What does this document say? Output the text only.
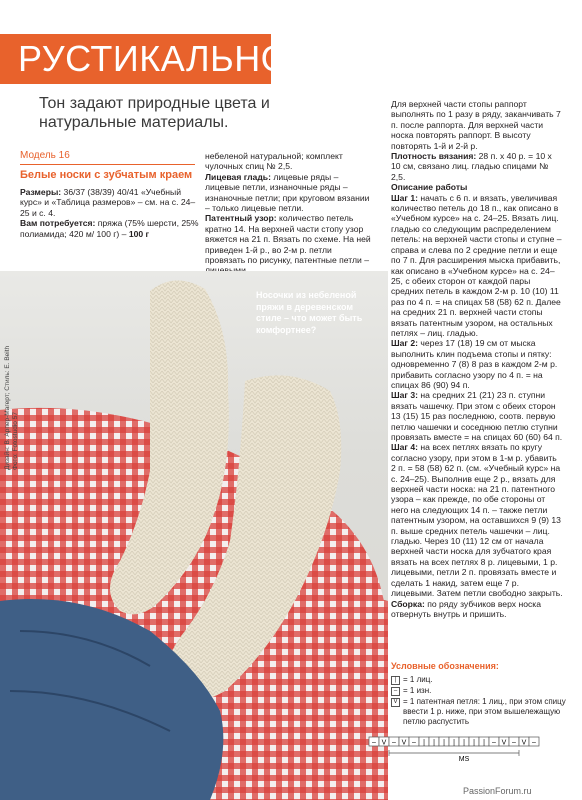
РУСТИКАЛЬНО
Тон задают природные цвета и натуральные материалы.
Модель 16
Белые носки с зубчатым краем

Размеры: 36/37 (38/39) 40/41 «Учебный курс» и «Таблица размеров» – см. на с. 24–25 и с. 4.

Вам потребуется: пряжа (75% шерсти, 25% полиамида; 420 м/ 100 г) – 100 г

небеленой натуральной; комплект чулочных спиц № 2,5.

Лицевая гладь: лицевые ряды – лицевые петли, изнаночные ряды – изнаночные петли; при круговом вязании – только лицевые петли.

Патентный узор: количество петель кратно 14. На верхней части стопу узор вяжется на 21 п. Вязать по схеме. На ней приведен 1-й р., во 2-м р. петли провязать по рисунку, патентные петли –

Для верхней части стопы раппорт выполнять по 1 разу в ряду, заканчивать 7 п. после раппорта. Для верхней части носка повторять раппорт. В высоту повторять 1-й и 2-й р.

Плотность вязания: 28 п. х 40 р. = 10 х 10 см, связано лиц. гладью спицами № 2,5.

Описание работы

Шаг 1: начать с 6 п. и вязать, увеличивая количество петель до 18 п., как описано в «Учебном курсе» на с. 24–25. Вязать лиц. гладью со следующим распределением петель: на верхней части стопы и ступне – справа и слева по 2 средние петли и еще по 7 п. Для расширения мыска прибавить, как описано в «Учебном курсе» на с. 24–25, с обеих сторон от каждой пары средних петель в каждом 2-м р. 10 (10) 11 раз по 4 п. = на спицах 58 (58) 62 п. Далее на средних 21 п. верхней части стопы вязать патентным узором, на остальных петлях – лиц. гладью.

Шаг 2: через 17 (18) 19 см от мыска выполнить клин подъема стопы и пятку: одновременно 7 (8) 8 раз в каждом 2-м р. прибавить согласно узору по 4 п. = на спицах 86 (90) 94 п.

Шаг 3: на средних 21 (21) 23 п. ступни вязать чашечку. При этом с обеих сторон 13 (15) 15 раз последнюю, соотв. первую петлю чашечки и соседнюю петлю ступни провязать вместе = на спицах 60 (60) 64 п.

Шаг 4: на всех петлях вязать по кругу согласно узору, при этом в 1-м р. убавить 2 п. = 58 (58) 62 п. (см. «Учебный курс» на с. 24–25). Выполнив еще 2 р., вязать для верхней части носка: на 21 п. патентного узора – как прежде, по обе стороны от него на следующих 14 п. – также петли патентным узором, на оставшихся 9 (9) 13 п. выше средних петель чашечки – лиц. гладью. Через 10 (11) 12 см от начала верхней части носка для зубчатого края вязать на всех петлях 8 р. лицевыми, 1 р. лицевыми, петли 2 п. провязать вместе и сделать 1 накид, затем еще 7 р. лицевыми. Затем петли свободно закрыть.

Сборка: по ряду зубчиков верх носка отвернуть внутрь и пришить.

Носочки из небеленой пряжи в деревенском стиле – что может быть комфортнее?
Дизайн: В. Арпер-Магерт; Стиль: Е. Beith Фото: Fotostudio 57
Условные обозначения:
| = 1 лиц.
– = 1 изн.
V = 1 патентная петля: 1 лиц., при этом спицу ввести 1 р. ниже, при этом вышележащую петлю распустить
– V – V – | | | | | | | – V – V –
MS
PassionForum.ru
